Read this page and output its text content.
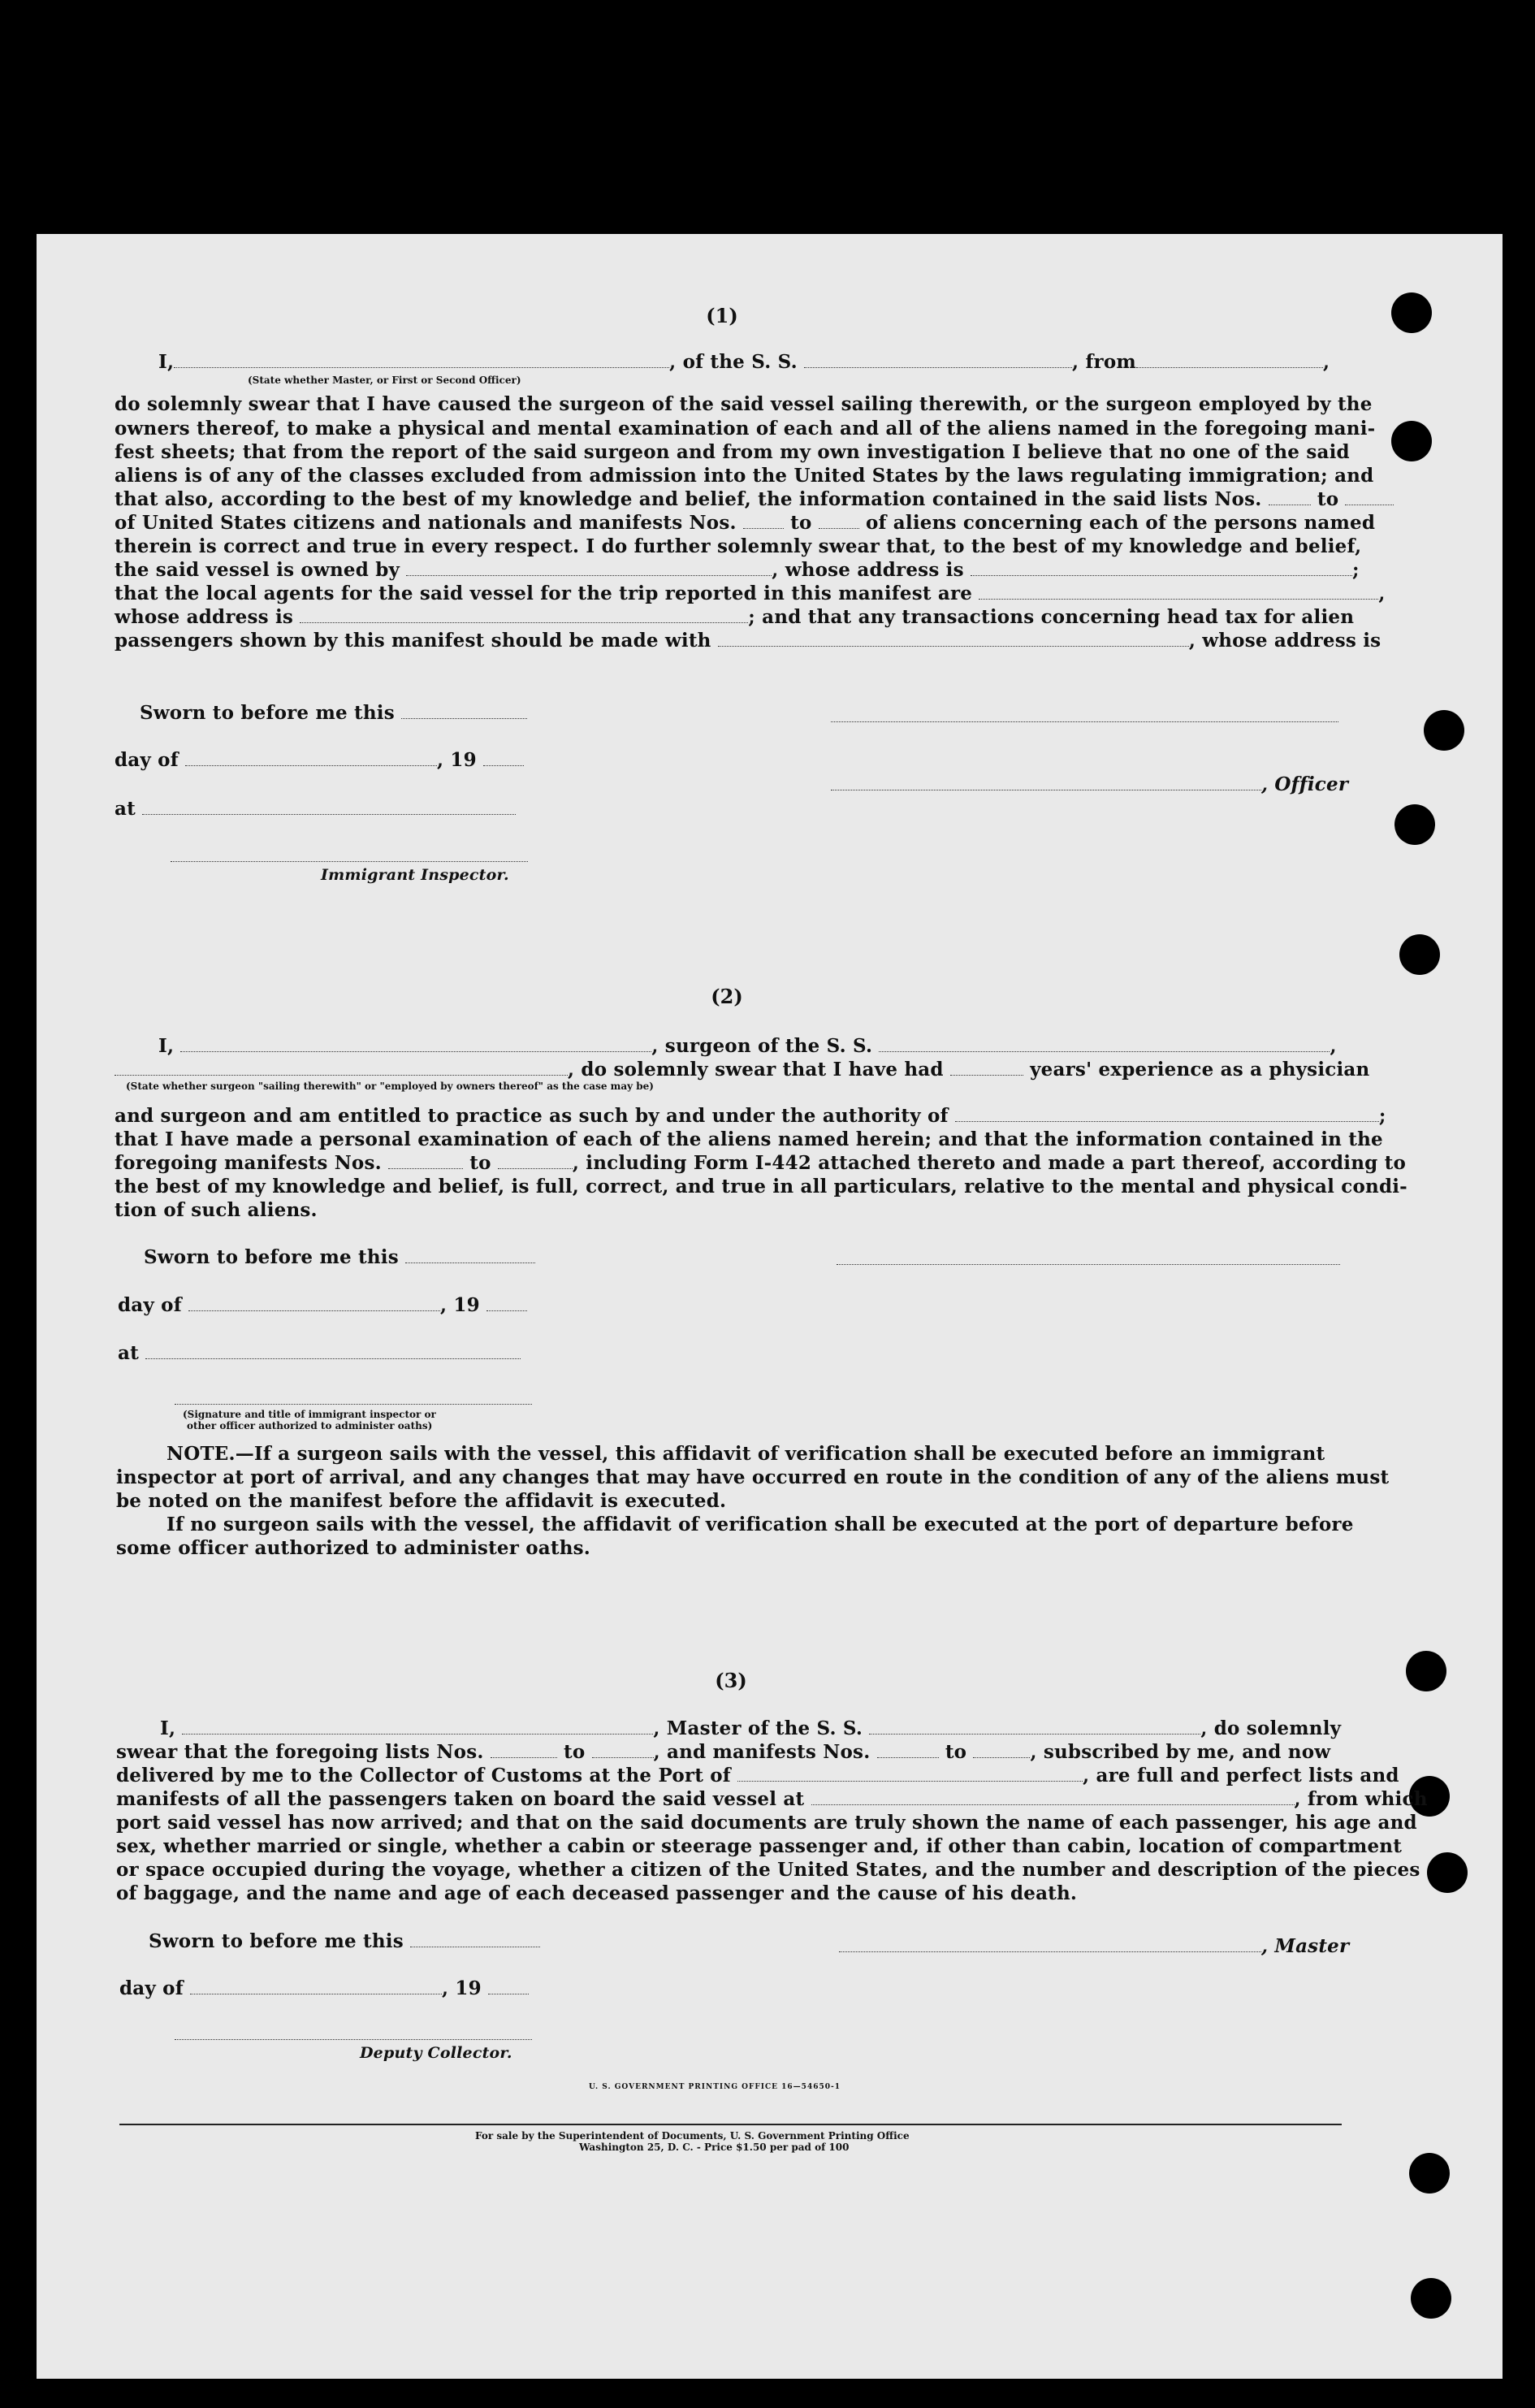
(1)
I,	, of the S. S.	, from	,
(State whether Master, or First or Second Officer)
do solemnly swear that I have caused the surgeon of the said vessel sailing therewith, or the surgeon employed by the
owners thereof, to make a physical and mental examination of each and all of the aliens named in the foregoing mani-
fest sheets; that from the report of the said surgeon and from my own investigation I believe that no one of the said
aliens is of any of the classes excluded from admission into the United States by the laws regulating immigration; and
that also, according to the best of my knowledge and belief, the information contained in the said lists Nos.	to
of United States citizens and nationals and manifests Nos.	to	of aliens concerning each of the persons named
therein is correct and true in every respect. I do further solemnly swear that, to the best of my knowledge and belief,
the said vessel is owned by	, whose address is	;
that the local agents for the said vessel for the trip reported in this manifest are	,
whose address is	; and that any transactions concerning head tax for alien
passengers shown by this manifest should be made with	, whose address is
Sworn to before me this
day of	, 19
, Officer
at
Immigrant Inspector.
(2)
I,	, surgeon of the S. S.	,
, do solemnly swear that I have had	years' experience as a physician
(State whether surgeon "sailing therewith" or "employed by owners thereof" as the case may be)
and surgeon and am entitled to practice as such by and under the authority of	;
that I have made a personal examination of each of the aliens named herein; and that the information contained in the
foregoing manifests Nos.	to	, including Form I-442 attached thereto and made a part thereof, according to
the best of my knowledge and belief, is full, correct, and true in all particulars, relative to the mental and physical condi-
tion of such aliens.
Sworn to before me this
day of	, 19
at
(Signature and title of immigrant inspector or
other officer authorized to administer oaths)
NOTE.—If a surgeon sails with the vessel, this affidavit of verification shall be executed before an immigrant
inspector at port of arrival, and any changes that may have occurred en route in the condition of any of the aliens must
be noted on the manifest before the affidavit is executed.
If no surgeon sails with the vessel, the affidavit of verification shall be executed at the port of departure before
some officer authorized to administer oaths.
(3)
I,	, Master of the S. S.	, do solemnly
swear that the foregoing lists Nos.	to	, and manifests Nos.	to	, subscribed by me, and now
delivered by me to the Collector of Customs at the Port of	, are full and perfect lists and
manifests of all the passengers taken on board the said vessel at	, from which
port said vessel has now arrived; and that on the said documents are truly shown the name of each passenger, his age and
sex, whether married or single, whether a cabin or steerage passenger and, if other than cabin, location of compartment
or space occupied during the voyage, whether a citizen of the United States, and the number and description of the pieces
of baggage, and the name and age of each deceased passenger and the cause of his death.
Sworn to before me this	, Master
day of	, 19
Deputy Collector.
U. S. GOVERNMENT PRINTING OFFICE 16—54650-1
For sale by the Superintendent of Documents, U. S. Government Printing Office
Washington 25, D. C. - Price $1.50 per pad of 100
